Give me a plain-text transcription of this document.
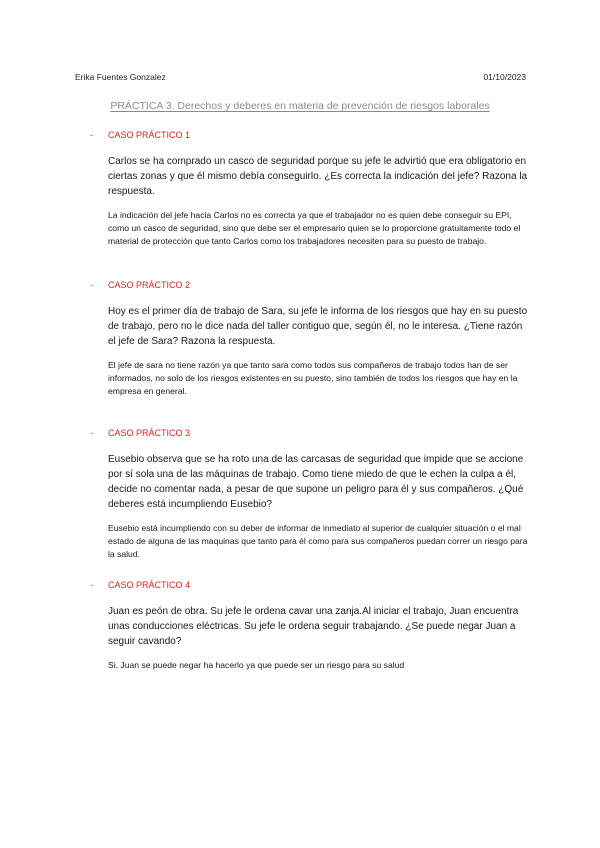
Erika Fuentes Gonzalez	01/10/2023
PRÁCTICA 3. Derechos y deberes en materia de prevención de riesgos laborales
-	CASO PRÁCTICO 1
Carlos se ha comprado un casco de seguridad porque su jefe le advirtió que era obligatorio en ciertas zonas y que él mismo debía conseguirlo. ¿Es correcta la indicación del jefe? Razona la respuesta.
La indicación del jefe hacia Carlos no es correcta ya que el trabajador no es quien debe conseguir su EPI, como un casco de seguridad, sino que debe ser el empresario quien se lo proporcione gratuitamente todo el material de protección que tanto Carlos como los trabajadores necesiten para su puesto de trabajo.
-	CASO PRÁCTICO 2
Hoy es el primer día de trabajo de Sara, su jefe le informa de los riesgos que hay en su puesto de trabajo, pero no le dice nada del taller contiguo que, según él, no le interesa. ¿Tiene razón el jefe de Sara? Razona la respuesta.
El jefe de sara no tiene razón ya que tanto sara como todos sus compañeros de trabajo todos han de ser informados, no solo de los riesgos existentes en su puesto, sino también de todos los riesgos que hay en la empresa en general.
-	CASO PRÁCTICO 3
Eusebio observa que se ha roto una de las carcasas de seguridad que impide que se accione por sí sola una de las máquinas de trabajo. Como tiene miedo de que le echen la culpa a él, decide no comentar nada, a pesar de que supone un peligro para él y sus compañeros. ¿Qué deberes está incumpliendo Eusebio?
Eusebio está incumpliendo con su deber de informar de inmediato al superior de cualquier situación o el mal estado de alguna de las maquinas que tanto para él como para sus compañeros puedan correr un riesgo para la salud.
-	CASO PRÁCTICO 4
Juan es peón de obra. Su jefe le ordena cavar una zanja.Al iniciar el trabajo, Juan encuentra unas conducciones eléctricas. Su jefe le ordena seguir trabajando. ¿Se puede negar Juan a seguir cavando?
Si, Juan se puede negar ha hacerlo ya que puede ser un riesgo para su salud
